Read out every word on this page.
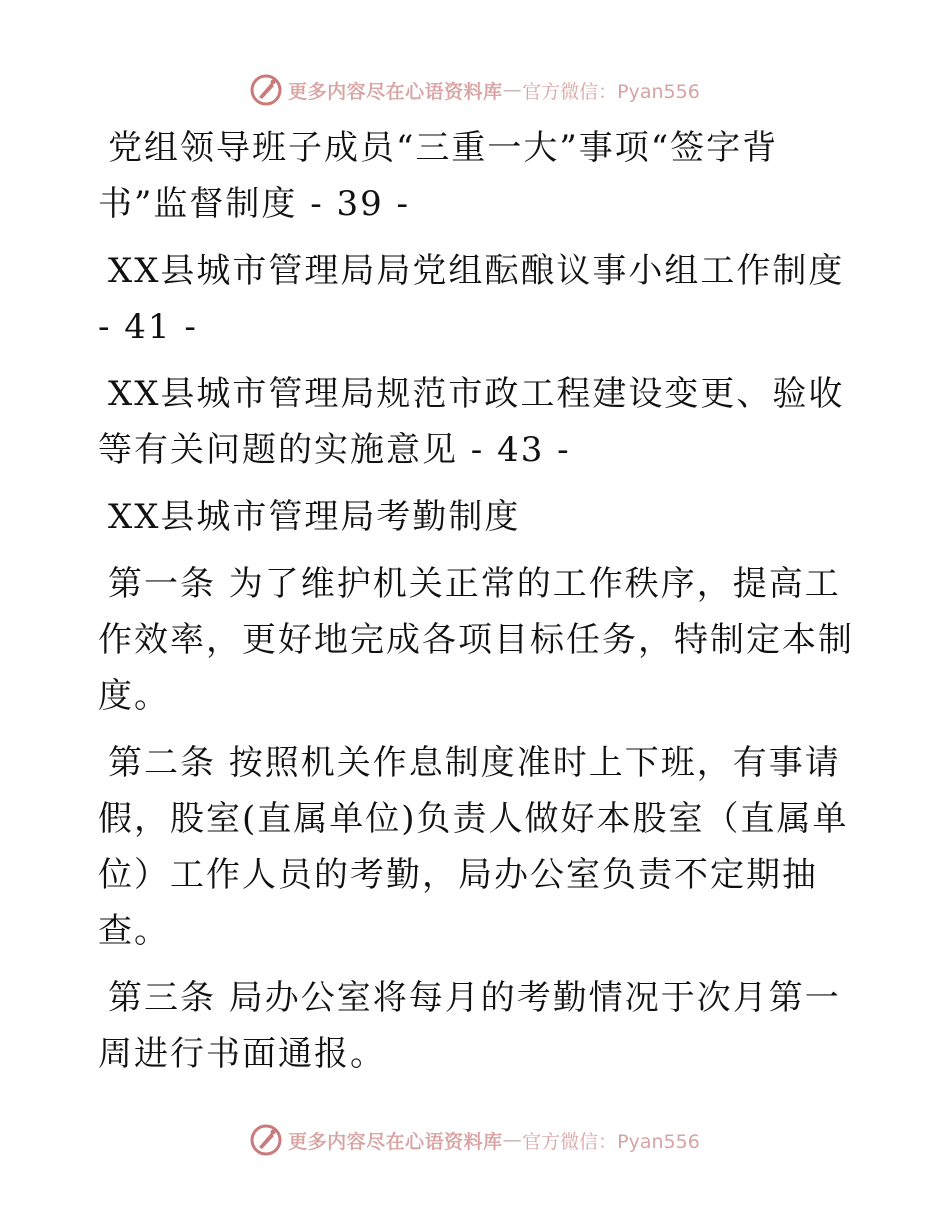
更多内容尽在心语资料库 — 官方微信：Pyan556

党组领导班子成员“三重一大”事项“签字背书”监督制度 - 39 -

XX县城市管理局局党组酝酿议事小组工作制度 - 41 -

XX县城市管理局规范市政工程建设变更、验收等有关问题的实施意见 - 43 -

XX县城市管理局考勤制度

第一条 为了维护机关正常的工作秩序，提高工作效率，更好地完成各项目标任务，特制定本制度。

第二条 按照机关作息制度准时上下班，有事请假，股室(直属单位)负责人做好本股室（直属单位）工作人员的考勤，局办公室负责不定期抽查。

第三条 局办公室将每月的考勤情况于次月第一周进行书面通报。

更多内容尽在心语资料库 — 官方微信：Pyan556
